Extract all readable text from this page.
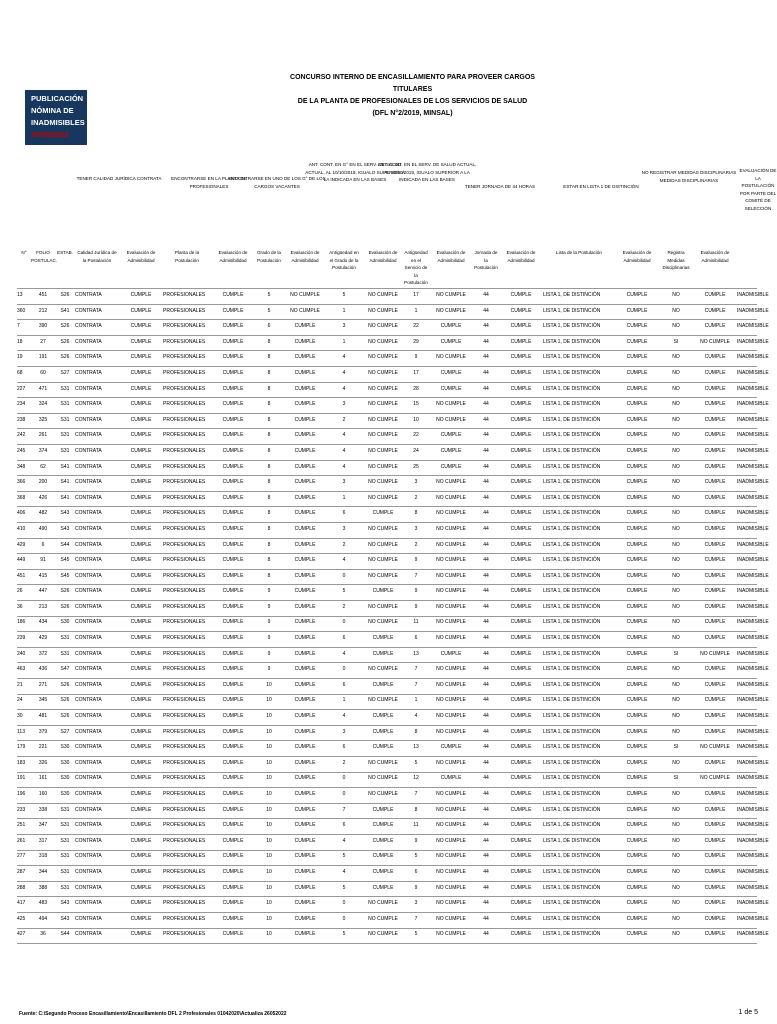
PUBLICACIÓN
NÓMINA DE
INADMISIBLES

30/05/2022
CONCURSO INTERNO DE ENCASILLAMIENTO PARA PROVEER CARGOS TITULARES
DE LA PLANTA DE PROFESIONALES DE LOS SERVICIOS DE SALUD
(DFL N°2/2019, MINSAL)
TENER CALIDAD JURÍDICA CONTRATA	ENCONTRARSE EN LA PLANTA DE PROFESIONALES
ENCONTRARSE EN UNO DE LOS G° DE LOS CARGOS VACANTES
ANT. CONT. EN G° EN EL SERV. DE SALUD ACTUAL, AL 10/10/2019, IGUALO SUPERIOR A LA INDICADA EN LAS BASES
ANT. CONT. EN EL SERV. DE SALUD ACTUAL, AL 10/10/2019, IGUALO SUPERIOR A LA INDICADA EN LAS BASES
TENER JORNADA DE 44 HORAS	ESTAR EN LISTA 1 DE DISTINCIÓN
NO REGISTRAR MEDIDAS DISCIPLINARIAS MEDIDAS DISCIPLINARIAS
EVALUACIÓN DE LA POSTULACIÓN POR PARTE DEL COMITÉ DE SELECCIÓN
N°	FOLIO POSTULAC.
ESTAB. Calidad Jurídica de la Postulación
Evaluación de Admisibilidad
Planta de la Postulación
Evaluación de Admisibilidad
Grado de la Postulación
Evaluación de Admisibilidad
Antigüedad en el Grado de la Postulación
Evaluación de Admisibilidad
Antigüedad en el Servicio de la Postulación
Evaluación de Admisibilidad
Jornada de la Postulación
Evaluación de Admisibilidad
Lista de la Postulación	Evaluación de Admisibilidad
Registra Medidas Disciplinarias
Evaluación de Admisibilidad
13	451	S26	CONTRATA	CUMPLE	PROFESIONALES	CUMPLE	5	NO CUMPLE	5	NO CUMPLE	17	NO CUMPLE	44	CUMPLE	LISTA 1, DE DISTINCIÓN	CUMPLE	NO	CUMPLE	INADMISIBLE
360	212	S41	CONTRATA	CUMPLE	PROFESIONALES	CUMPLE	5	NO CUMPLE	1	NO CUMPLE	1	NO CUMPLE	44	CUMPLE	LISTA 1, DE DISTINCIÓN	CUMPLE	NO	CUMPLE	INADMISIBLE
7	390	S26	CONTRATA	CUMPLE	PROFESIONALES	CUMPLE	6	CUMPLE	3	NO CUMPLE	22	CUMPLE	44	CUMPLE	LISTA 1, DE DISTINCIÓN	CUMPLE	NO	CUMPLE	INADMISIBLE
18	27	S26	CONTRATA	CUMPLE	PROFESIONALES	CUMPLE	8	CUMPLE	1	NO CUMPLE	29	CUMPLE	44	CUMPLE	LISTA 1, DE DISTINCIÓN	CUMPLE	SI	NO CUMPLE	INADMISIBLE
19	191	S26	CONTRATA	CUMPLE	PROFESIONALES	CUMPLE	8	CUMPLE	4	NO CUMPLE	9	NO CUMPLE	44	CUMPLE	LISTA 1, DE DISTINCIÓN	CUMPLE	NO	CUMPLE	INADMISIBLE
68	60	S27	CONTRATA	CUMPLE	PROFESIONALES	CUMPLE	8	CUMPLE	4	NO CUMPLE	17	CUMPLE	44	CUMPLE	LISTA 1, DE DISTINCIÓN	CUMPLE	NO	CUMPLE	INADMISIBLE
227	471	S31	CONTRATA	CUMPLE	PROFESIONALES	CUMPLE	8	CUMPLE	4	NO CUMPLE	28	CUMPLE	44	CUMPLE	LISTA 1, DE DISTINCIÓN	CUMPLE	NO	CUMPLE	INADMISIBLE
234	324	S31	CONTRATA	CUMPLE	PROFESIONALES	CUMPLE	8	CUMPLE	3	NO CUMPLE	15	NO CUMPLE	44	CUMPLE	LISTA 1, DE DISTINCIÓN	CUMPLE	NO	CUMPLE	INADMISIBLE
238	325	S31	CONTRATA	CUMPLE	PROFESIONALES	CUMPLE	8	CUMPLE	2	NO CUMPLE	10	NO CUMPLE	44	CUMPLE	LISTA 1, DE DISTINCIÓN	CUMPLE	NO	CUMPLE	INADMISIBLE
242	261	S31	CONTRATA	CUMPLE	PROFESIONALES	CUMPLE	8	CUMPLE	4	NO CUMPLE	22	CUMPLE	44	CUMPLE	LISTA 1, DE DISTINCIÓN	CUMPLE	NO	CUMPLE	INADMISIBLE
245	374	S31	CONTRATA	CUMPLE	PROFESIONALES	CUMPLE	8	CUMPLE	4	NO CUMPLE	24	CUMPLE	44	CUMPLE	LISTA 1, DE DISTINCIÓN	CUMPLE	NO	CUMPLE	INADMISIBLE
348	62	S41	CONTRATA	CUMPLE	PROFESIONALES	CUMPLE	8	CUMPLE	4	NO CUMPLE	25	CUMPLE	44	CUMPLE	LISTA 1, DE DISTINCIÓN	CUMPLE	NO	CUMPLE	INADMISIBLE
366	200	S41	CONTRATA	CUMPLE	PROFESIONALES	CUMPLE	8	CUMPLE	3	NO CUMPLE	3	NO CUMPLE	44	CUMPLE	LISTA 1, DE DISTINCIÓN	CUMPLE	NO	CUMPLE	INADMISIBLE
368	426	S41	CONTRATA	CUMPLE	PROFESIONALES	CUMPLE	8	CUMPLE	1	NO CUMPLE	2	NO CUMPLE	44	CUMPLE	LISTA 1, DE DISTINCIÓN	CUMPLE	NO	CUMPLE	INADMISIBLE
406	482	S43	CONTRATA	CUMPLE	PROFESIONALES	CUMPLE	8	CUMPLE	6	CUMPLE	8	NO CUMPLE	44	CUMPLE	LISTA 1, DE DISTINCIÓN	CUMPLE	NO	CUMPLE	INADMISIBLE
410	490	S43	CONTRATA	CUMPLE	PROFESIONALES	CUMPLE	8	CUMPLE	3	NO CUMPLE	3	NO CUMPLE	44	CUMPLE	LISTA 1, DE DISTINCIÓN	CUMPLE	NO	CUMPLE	INADMISIBLE
429	6	S44	CONTRATA	CUMPLE	PROFESIONALES	CUMPLE	8	CUMPLE	2	NO CUMPLE	2	NO CUMPLE	44	CUMPLE	LISTA 1, DE DISTINCIÓN	CUMPLE	NO	CUMPLE	INADMISIBLE
449	91	S45	CONTRATA	CUMPLE	PROFESIONALES	CUMPLE	8	CUMPLE	4	NO CUMPLE	9	NO CUMPLE	44	CUMPLE	LISTA 1, DE DISTINCIÓN	CUMPLE	NO	CUMPLE	INADMISIBLE
451	415	S45	CONTRATA	CUMPLE	PROFESIONALES	CUMPLE	8	CUMPLE	0	NO CUMPLE	7	NO CUMPLE	44	CUMPLE	LISTA 1, DE DISTINCIÓN	CUMPLE	NO	CUMPLE	INADMISIBLE
26	447	S26	CONTRATA	CUMPLE	PROFESIONALES	CUMPLE	9	CUMPLE	5	CUMPLE	9	NO CUMPLE	44	CUMPLE	LISTA 1, DE DISTINCIÓN	CUMPLE	NO	CUMPLE	INADMISIBLE
36	213	S26	CONTRATA	CUMPLE	PROFESIONALES	CUMPLE	9	CUMPLE	2	NO CUMPLE	9	NO CUMPLE	44	CUMPLE	LISTA 1, DE DISTINCIÓN	CUMPLE	NO	CUMPLE	INADMISIBLE
186	434	S30	CONTRATA	CUMPLE	PROFESIONALES	CUMPLE	9	CUMPLE	0	NO CUMPLE	11	NO CUMPLE	44	CUMPLE	LISTA 1, DE DISTINCIÓN	CUMPLE	NO	CUMPLE	INADMISIBLE
239	429	S31	CONTRATA	CUMPLE	PROFESIONALES	CUMPLE	9	CUMPLE	6	CUMPLE	6	NO CUMPLE	44	CUMPLE	LISTA 1, DE DISTINCIÓN	CUMPLE	NO	CUMPLE	INADMISIBLE
240	372	S31	CONTRATA	CUMPLE	PROFESIONALES	CUMPLE	9	CUMPLE	4	CUMPLE	13	CUMPLE	44	CUMPLE	LISTA 1, DE DISTINCIÓN	CUMPLE	SI	NO CUMPLE	INADMISIBLE
463	436	S47	CONTRATA	CUMPLE	PROFESIONALES	CUMPLE	9	CUMPLE	0	NO CUMPLE	7	NO CUMPLE	44	CUMPLE	LISTA 1, DE DISTINCIÓN	CUMPLE	NO	CUMPLE	INADMISIBLE
21	271	S26	CONTRATA	CUMPLE	PROFESIONALES	CUMPLE	10	CUMPLE	6	CUMPLE	7	NO CUMPLE	44	CUMPLE	LISTA 1, DE DISTINCIÓN	CUMPLE	NO	CUMPLE	INADMISIBLE
24	345	S26	CONTRATA	CUMPLE	PROFESIONALES	CUMPLE	10	CUMPLE	1	NO CUMPLE	1	NO CUMPLE	44	CUMPLE	LISTA 1, DE DISTINCIÓN	CUMPLE	NO	CUMPLE	INADMISIBLE
30	481	S26	CONTRATA	CUMPLE	PROFESIONALES	CUMPLE	10	CUMPLE	4	CUMPLE	4	NO CUMPLE	44	CUMPLE	LISTA 1, DE DISTINCIÓN	CUMPLE	NO	CUMPLE	INADMISIBLE
113	379	S27	CONTRATA	CUMPLE	PROFESIONALES	CUMPLE	10	CUMPLE	3	CUMPLE	8	NO CUMPLE	44	CUMPLE	LISTA 1, DE DISTINCIÓN	CUMPLE	NO	CUMPLE	INADMISIBLE
179	221	S30	CONTRATA	CUMPLE	PROFESIONALES	CUMPLE	10	CUMPLE	6	CUMPLE	13	CUMPLE	44	CUMPLE	LISTA 1, DE DISTINCIÓN	CUMPLE	SI	NO CUMPLE	INADMISIBLE
183	326	S30	CONTRATA	CUMPLE	PROFESIONALES	CUMPLE	10	CUMPLE	2	NO CUMPLE	5	NO CUMPLE	44	CUMPLE	LISTA 1, DE DISTINCIÓN	CUMPLE	NO	CUMPLE	INADMISIBLE
191	161	S30	CONTRATA	CUMPLE	PROFESIONALES	CUMPLE	10	CUMPLE	0	NO CUMPLE	12	CUMPLE	44	CUMPLE	LISTA 1, DE DISTINCIÓN	CUMPLE	SI	NO CUMPLE	INADMISIBLE
196	160	S30	CONTRATA	CUMPLE	PROFESIONALES	CUMPLE	10	CUMPLE	0	NO CUMPLE	7	NO CUMPLE	44	CUMPLE	LISTA 1, DE DISTINCIÓN	CUMPLE	NO	CUMPLE	INADMISIBLE
233	338	S31	CONTRATA	CUMPLE	PROFESIONALES	CUMPLE	10	CUMPLE	7	CUMPLE	8	NO CUMPLE	44	CUMPLE	LISTA 1, DE DISTINCIÓN	CUMPLE	NO	CUMPLE	INADMISIBLE
251	347	S31	CONTRATA	CUMPLE	PROFESIONALES	CUMPLE	10	CUMPLE	6	CUMPLE	11	NO CUMPLE	44	CUMPLE	LISTA 1, DE DISTINCIÓN	CUMPLE	NO	CUMPLE	INADMISIBLE
261	317	S31	CONTRATA	CUMPLE	PROFESIONALES	CUMPLE	10	CUMPLE	4	CUMPLE	9	NO CUMPLE	44	CUMPLE	LISTA 1, DE DISTINCIÓN	CUMPLE	NO	CUMPLE	INADMISIBLE
277	318	S31	CONTRATA	CUMPLE	PROFESIONALES	CUMPLE	10	CUMPLE	5	CUMPLE	5	NO CUMPLE	44	CUMPLE	LISTA 1, DE DISTINCIÓN	CUMPLE	NO	CUMPLE	INADMISIBLE
287	344	S31	CONTRATA	CUMPLE	PROFESIONALES	CUMPLE	10	CUMPLE	4	CUMPLE	6	NO CUMPLE	44	CUMPLE	LISTA 1, DE DISTINCIÓN	CUMPLE	NO	CUMPLE	INADMISIBLE
288	388	S31	CONTRATA	CUMPLE	PROFESIONALES	CUMPLE	10	CUMPLE	5	CUMPLE	9	NO CUMPLE	44	CUMPLE	LISTA 1, DE DISTINCIÓN	CUMPLE	NO	CUMPLE	INADMISIBLE
417	483	S43	CONTRATA	CUMPLE	PROFESIONALES	CUMPLE	10	CUMPLE	0	NO CUMPLE	3	NO CUMPLE	44	CUMPLE	LISTA 1, DE DISTINCIÓN	CUMPLE	NO	CUMPLE	INADMISIBLE
425	494	S43	CONTRATA	CUMPLE	PROFESIONALES	CUMPLE	10	CUMPLE	0	NO CUMPLE	7	NO CUMPLE	44	CUMPLE	LISTA 1, DE DISTINCIÓN	CUMPLE	NO	CUMPLE	INADMISIBLE
427	36	S44	CONTRATA	CUMPLE	PROFESIONALES	CUMPLE	10	CUMPLE	5	NO CUMPLE	5	NO CUMPLE	44	CUMPLE	LISTA 1, DE DISTINCIÓN	CUMPLE	NO	CUMPLE	INADMISIBLE
Fuente: C:\Segundo Proceso Encasillamiento\Encasillamiento DFL 2 Profesionales 01042020\Actualiza 26052022	1 de 5
